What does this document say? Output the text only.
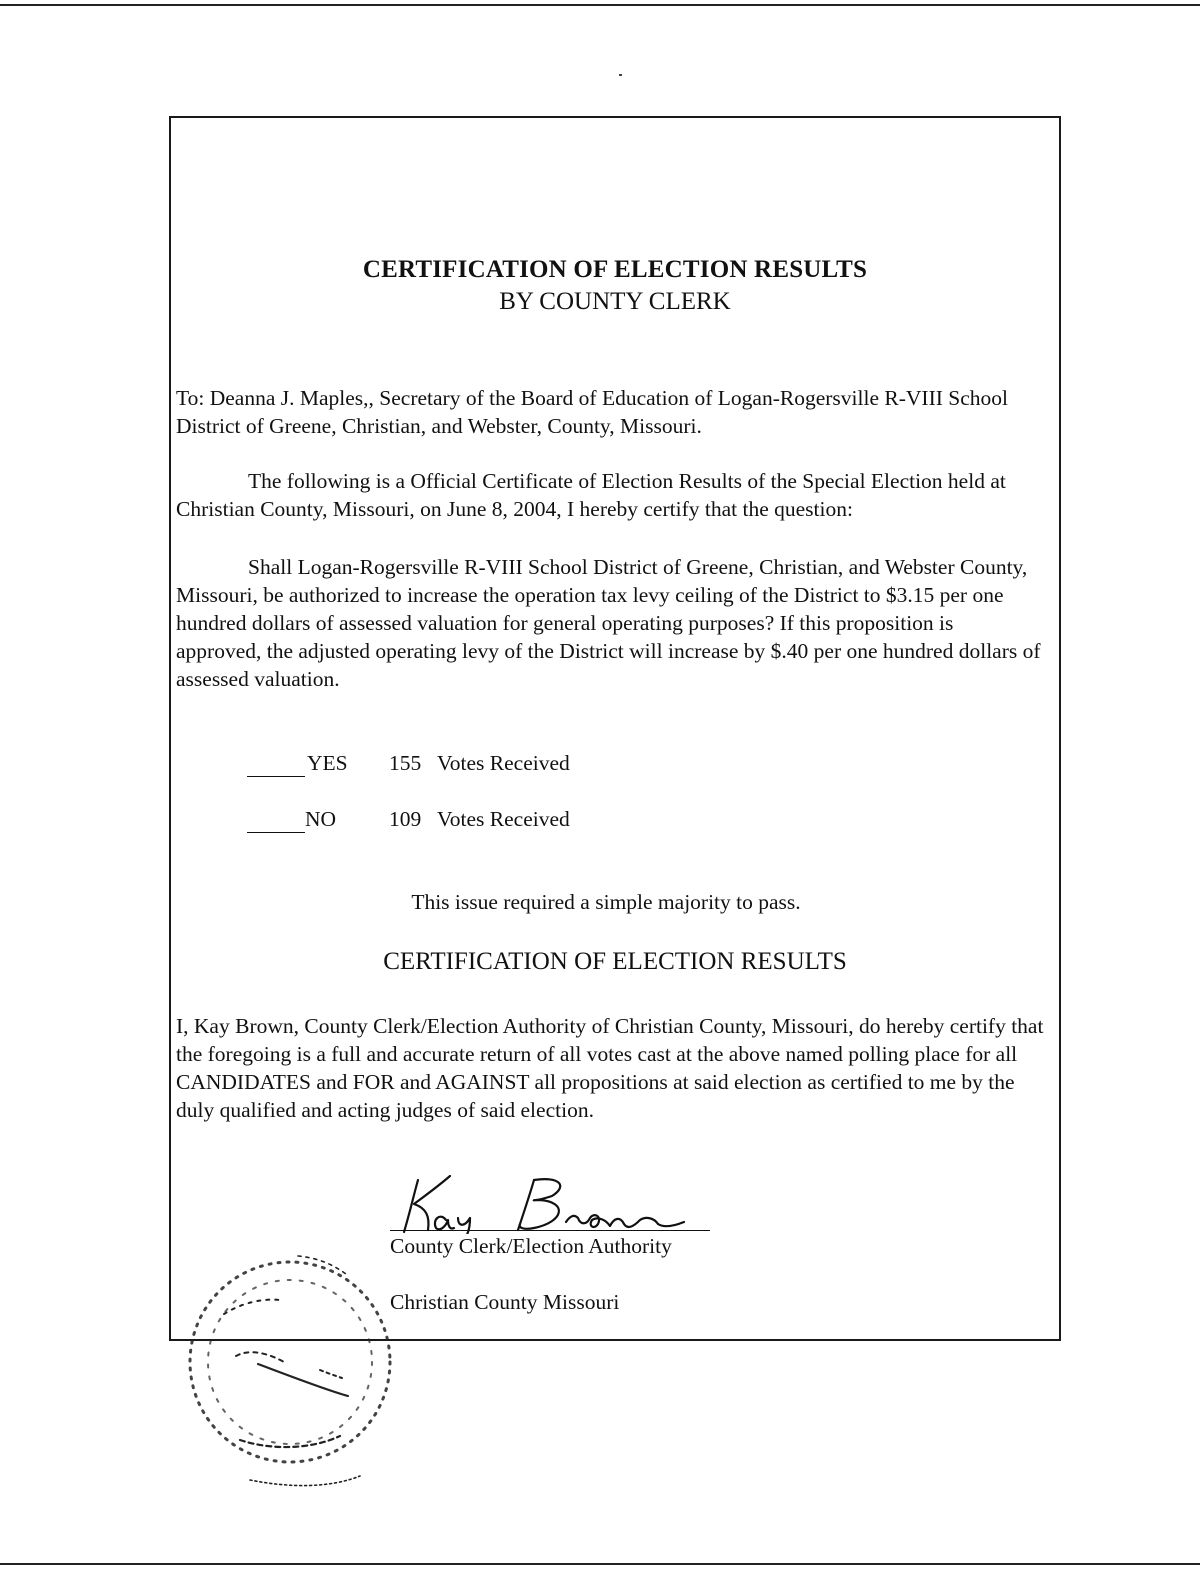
CERTIFICATION OF ELECTION RESULTS
BY COUNTY CLERK
To: Deanna J. Maples,, Secretary of the Board of Education of Logan-Rogersville R-VIII School District of Greene, Christian, and Webster, County, Missouri.
The following is a Official Certificate of Election Results of the Special Election held at Christian County, Missouri, on June 8, 2004, I hereby certify that the question:
Shall Logan-Rogersville R-VIII School District of Greene, Christian, and Webster County, Missouri, be authorized to increase the operation tax levy ceiling of the District to $3.15 per one hundred dollars of assessed valuation for general operating purposes? If this proposition is approved, the adjusted operating levy of the District will increase by $.40 per one hundred dollars of assessed valuation.
YES 155 Votes Received
NO 109 Votes Received
This issue required a simple majority to pass.
CERTIFICATION OF ELECTION RESULTS
I, Kay Brown, County Clerk/Election Authority of Christian County, Missouri, do hereby certify that the foregoing is a full and accurate return of all votes cast at the above named polling place for all CANDIDATES and FOR and AGAINST all propositions at said election as certified to me by the duly qualified and acting judges of said election.
County Clerk/Election Authority
Christian County Missouri
